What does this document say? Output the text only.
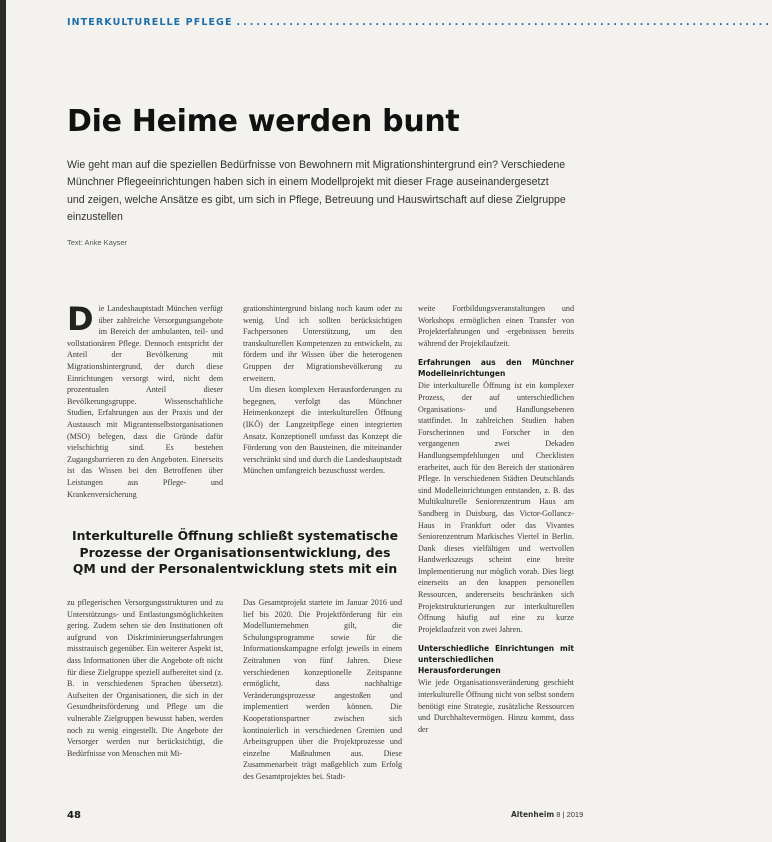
INTERKULTURELLE PFLEGE .................................................................................
Die Heime werden bunt

Wie geht man auf die speziellen Bedürfnisse von Bewohnern mit Migrationshintergrund ein? Verschiedene Münchner Pflegeeinrichtungen haben sich in einem Modellprojekt mit dieser Frage auseinandergesetzt und zeigen, welche Ansätze es gibt, um sich in Pflege, Betreuung und Hauswirtschaft auf diese Zielgruppe einzustellen

Text: Anke Kayser
Die Landeshauptstadt München verfügt über zahlreiche Versorgungsangebote im Bereich der ambulanten, teil- und vollstationären Pflege. Dennoch entspricht der Anteil der Bevölkerung mit Migrationshintergrund, der durch diese Einrichtungen versorgt wird, nicht dem prozentualen Anteil dieser Bevölkerungsgruppe. Wissenschaftliche Studien, Erfahrungen aus der Praxis und der Austausch mit Migrantenselbstorganisationen (MSO) belegen, dass die Gründe dafür vielschichtig sind. Es bestehen Zugangsbarrieren zu den Angeboten. Einerseits ist das Wissen bei den Betroffenen über Leistungen aus Pflege- und Krankenversicherung

grationshintergrund bislang noch kaum oder zu wenig. Und ich sollten berücksichtigen Fachpersonen Unterstützung, um den transkulturellen Kompetenzen zu entwickeln, zu fördern und ihr Wissen über die heterogenen Gruppen der Migrationsbevölkerung zu erweitern.

Um diesen komplexen Herausforderungen zu begegnen, verfolgt das Münchner Heimenkonzept die interkulturellen Öffnung (IKÖ) der Langzeitpflege einen integrierten Ansatz. Konzeptionell umfasst das Konzept die Förderung von den Bausteinen, die miteinander verschränkt sind und durch die Landeshauptstadt München umfangreich bezuschusst werden.

Interkulturelle Öffnung schließt systematische Prozesse der Organisationsentwicklung, des QM und der Personalentwicklung stets mit ein

zu pflegerischen Versorgungsstrukturen und zu Unterstützungs- und Entlastungsmöglichkeiten gering. Zudem sehen sie den Institutionen oft aufgrund von Diskriminierungserfahrungen misstrauisch gegenüber. Ein weiterer Aspekt ist, dass Informationen über die Angebote oft nicht für diese Zielgruppe speziell aufbereitet sind (z. B. in verschiedenen Sprachen übersetzt). Aufseiten der Organisationen, die sich in der Gesundheitsförderung und Pflege um die vulnerable Zielgruppen bewusst haben, werden noch zu wenig eingestellt. Die Angebote der Versorger werden nur berücksichtigt, die Bedürfnisse von Menschen mit Mi-

Das Gesamtprojekt startete im Januar 2016 und lief bis 2020. Die Projektförderung für ein Modellunternehmen gilt, die Schulungsprogramme sowie für die Informationskampagne erfolgt jeweils in einem Zeitrahmen von fünf Jahren. Diese verschiedenen konzeptionelle Zeitspanne ermöglicht, dass nachhaltige Veränderungsprozesse angestoßen und implementiert werden können. Die Kooperationspartner zwischen sich kontinuierlich in verschiedenen Gremien und Arbeitsgruppen über die Projektprozesse und einzelne Maßnahmen aus. Diese Zusammenarbeit trägt maßgeblich zum Erfolg des Gesamtprojektes bei. Stadt-

weite Fortbildungsveranstaltungen und Workshops ermöglichen einen Transfer von Projekterfahrungen und -ergebnissen bereits während der Projektlaufzeit.

Erfahrungen aus den Münchner Modelleinrichtungen

Die interkulturelle Öffnung ist ein komplexer Prozess, der auf unterschiedlichen Organisations- und Handlungsebenen stattfindet. In zahlreichen Studien haben Forscherinnen und Forscher in den vergangenen zwei Dekaden Handlungsempfehlungen und Checklisten erarbeitet, auch für den Bereich der stationären Pflege. In verschiedenen Städten Deutschlands sind Modelleinrichtungen entstanden, z. B. das Multikulturelle Seniorenzentrum Haus am Sandberg in Duisburg, das Victor-Gollancz-Haus in Frankfurt oder das Vivantes Seniorenzentrum Markisches Viertel in Berlin. Dank dieses vielfältigen und wertvollen Handwerkszeugs scheint eine breite Implementierung nur möglich vorab. Dies liegt einerseits an den knappen personellen Ressourcen, andererseits beschränken sich Projektstrukturierungen zur interkulturellen Öffnung häufig auf eine zu kurze Projektlaufzeit von zwei Jahren.

Unterschiedliche Einrichtungen mit unterschiedlichen Herausforderungen

Wie jede Organisationsveränderung geschieht interkulturelle Öffnung nicht von selbst sondern benötigt eine Strategie, zusätzliche Ressourcen und Durchhaltevermögen. Hinzu kommt, dass der

48	Altenheim 8 | 2019
